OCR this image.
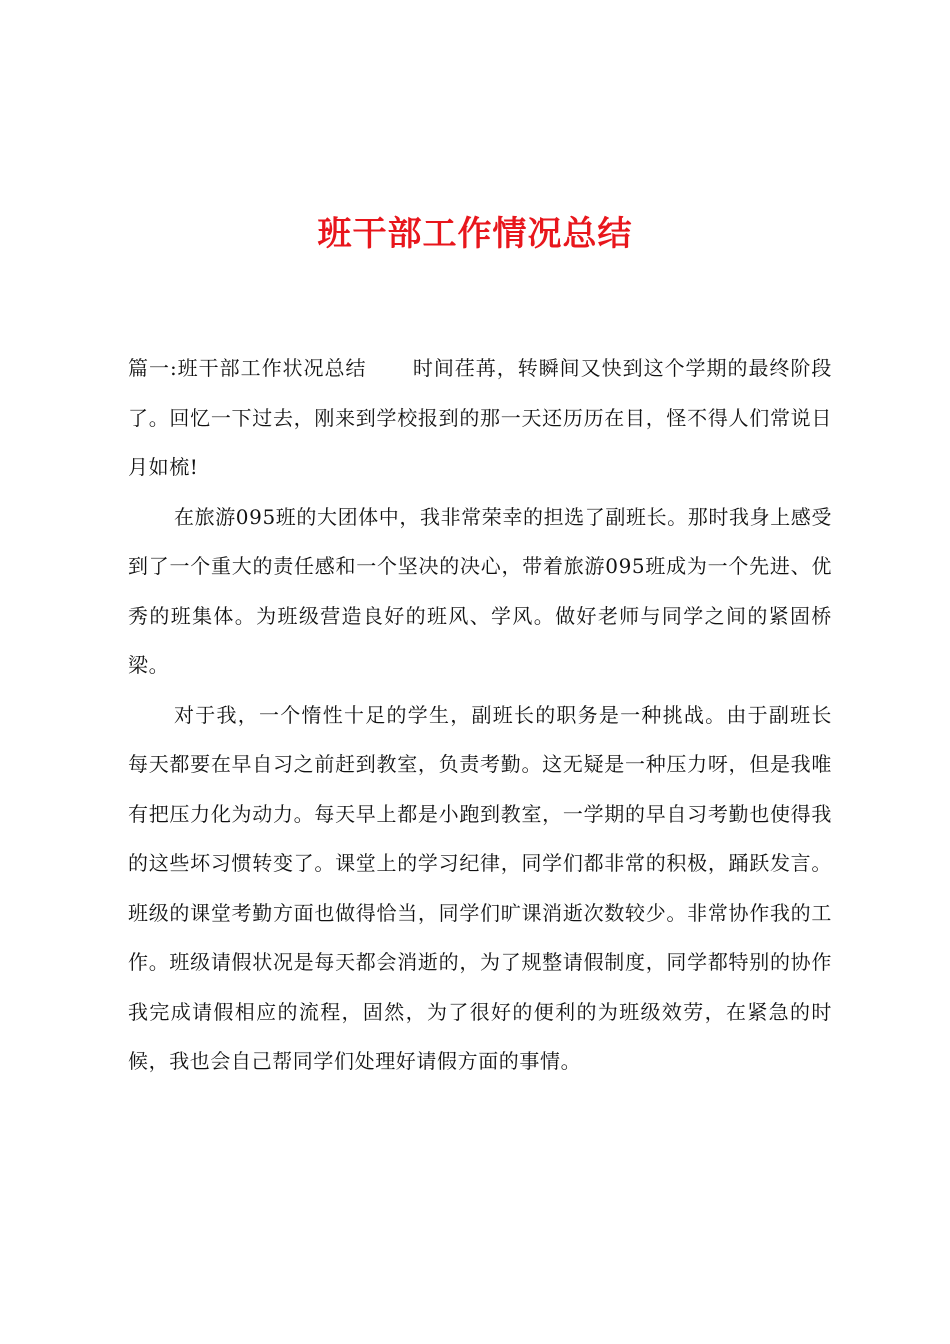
班干部工作情况总结

篇一:班干部工作状况总结 时间荏苒，转瞬间又快到这个学期的最终阶段了。回忆一下过去，刚来到学校报到的那一天还历历在目，怪不得人们常说日月如梳!

在旅游095班的大团体中，我非常荣幸的担选了副班长。那时我身上感受到了一个重大的责任感和一个坚决的决心，带着旅游095班成为一个先进、优秀的班集体。为班级营造良好的班风、学风。做好老师与同学之间的紧固桥梁。

对于我，一个惰性十足的学生，副班长的职务是一种挑战。由于副班长每天都要在早自习之前赶到教室，负责考勤。这无疑是一种压力呀，但是我唯有把压力化为动力。每天早上都是小跑到教室，一学期的早自习考勤也使得我的这些坏习惯转变了。课堂上的学习纪律，同学们都非常的积极，踊跃发言。班级的课堂考勤方面也做得恰当，同学们旷课消逝次数较少。非常协作我的工作。班级请假状况是每天都会消逝的，为了规整请假制度，同学都特别的协作我完成请假相应的流程，固然，为了很好的便利的为班级效劳，在紧急的时候，我也会自己帮同学们处理好请假方面的事情。
